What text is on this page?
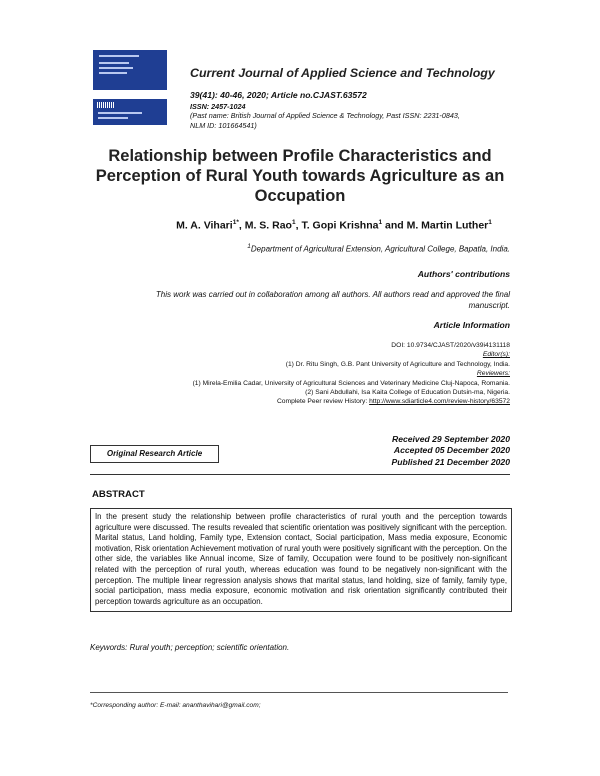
Current Journal of Applied Science and Technology
39(41): 40-46, 2020; Article no.CJAST.63572
ISSN: 2457-1024
(Past name: British Journal of Applied Science & Technology, Past ISSN: 2231-0843,
NLM ID: 101664541)
Relationship between Profile Characteristics and
Perception of Rural Youth towards Agriculture as an
Occupation
M. A. Vihari$^{1*}$, M. S. Rao$^1$, T. Gopi Krishna$^1$ and M. Martin Luther$^1$
$^1$Department of Agricultural Extension, Agricultural College, Bapatla, India.
Authors' contributions
This work was carried out in collaboration among all authors. All authors read and approved the final
manuscript.
Article Information
DOI: 10.9734/CJAST/2020/v39i4131118
Editor(s):
(1) Dr. Ritu Singh, G.B. Pant University of Agriculture and Technology, India.
Reviewers:
(1) Mirela-Emilia Cadar, University of Agricultural Sciences and Veterinary Medicine Cluj-Napoca, Romania.
(2) Sani Abdullahi, Isa Kaita College of Education Dutsin-ma, Nigeria.
Complete Peer review History: http://www.sdiarticle4.com/review-history/63572
Received 29 September 2020
Accepted 05 December 2020
Published 21 December 2020
Original Research Article
ABSTRACT
In the present study the relationship between profile characteristics of rural youth and the perception towards agriculture were discussed. The results revealed that scientific orientation was positively significant with the perception. Marital status, Land holding, Family type, Extension contact, Social participation, Mass media exposure, Economic motivation, Risk orientation Achievement motivation of rural youth were positively significant with the perception. On the other side, the variables like Annual income, Size of family, Occupation were found to be positively non-significant related with the perception of rural youth, whereas education was found to be negatively non-significant with the perception. The multiple linear regression analysis shows that marital status, land holding, size of family, family type, social participation, mass media exposure, economic motivation and risk orientation significantly contributed their perception towards agriculture as an occupation.
Keywords: Rural youth; perception; scientific orientation.
*Corresponding author: E-mail: ananthavihari@gmail.com;
